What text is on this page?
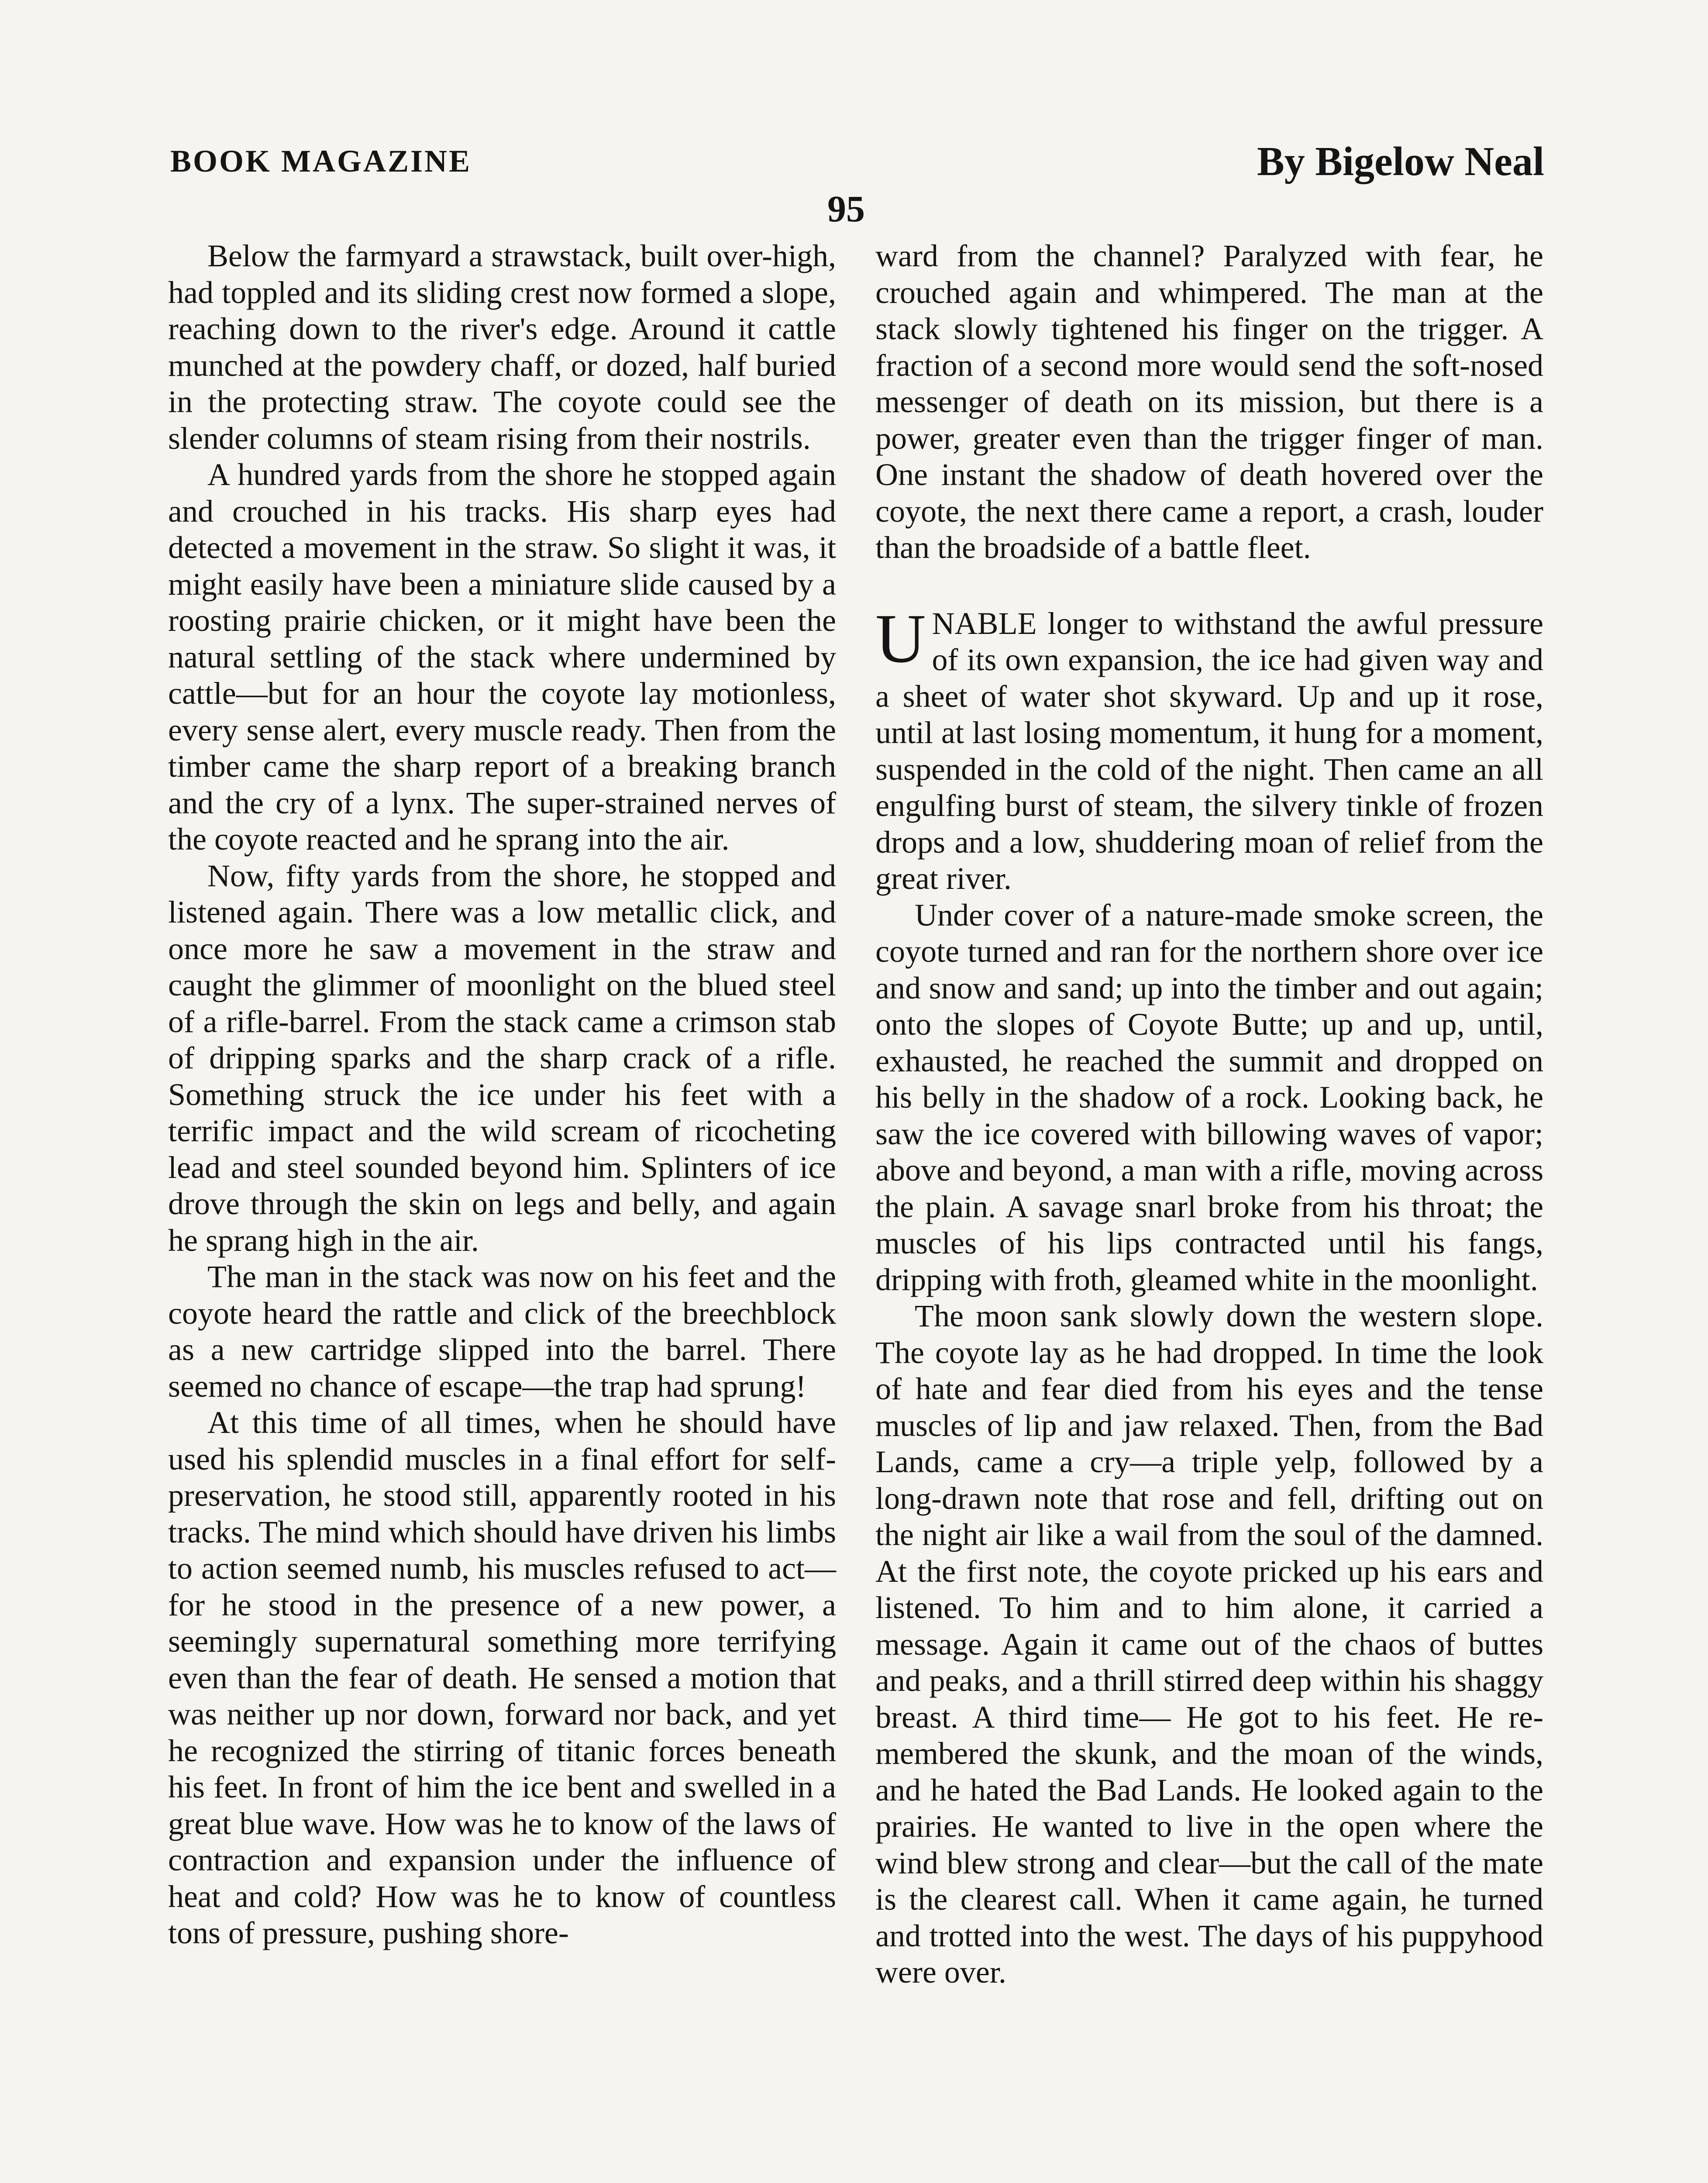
BOOK MAGAZINE	By Bigelow Neal
95

Below the farmyard a strawstack, built over-high, had toppled and its sliding crest now formed a slope, reaching down to the river's edge. Around it cattle munched at the powdery chaff, or dozed, half buried in the protecting straw. The coyote could see the slender columns of steam rising from their nostrils.

A hundred yards from the shore he stopped again and crouched in his tracks. His sharp eyes had detected a movement in the straw. So slight it was, it might easily have been a miniature slide caused by a roosting prairie chicken, or it might have been the natural settling of the stack where undermined by cattle—but for an hour the coyote lay motionless, every sense alert, every muscle ready. Then from the timber came the sharp report of a breaking branch and the cry of a lynx. The super-strained nerves of the coyote reacted and he sprang into the air.

Now, fifty yards from the shore, he stopped and listened again. There was a low metallic click, and once more he saw a movement in the straw and caught the glimmer of moonlight on the blued steel of a rifle-barrel. From the stack came a crimson stab of dripping sparks and the sharp crack of a rifle. Something struck the ice under his feet with a terrific impact and the wild scream of ricocheting lead and steel sounded beyond him. Splinters of ice drove through the skin on legs and belly, and again he sprang high in the air.

The man in the stack was now on his feet and the coyote heard the rattle and click of the breechblock as a new cartridge slipped into the barrel. There seemed no chance of escape—the trap had sprung!

At this time of all times, when he should have used his splendid muscles in a final effort for self-preservation, he stood still, apparently rooted in his tracks. The mind which should have driven his limbs to action seemed numb, his muscles refused to act—for he stood in the presence of a new power, a seemingly supernatural something more terrifying even than the fear of death. He sensed a motion that was neither up nor down, forward nor back, and yet he recognized the stirring of titanic forces beneath his feet. In front of him the ice bent and swelled in a great blue wave. How was he to know of the laws of contraction and expansion under the influence of heat and cold? How was he to know of countless tons of pressure, pushing shore-

ward from the channel? Paralyzed with fear, he crouched again and whimpered. The man at the stack slowly tightened his finger on the trigger. A fraction of a second more would send the soft-nosed messenger of death on its mission, but there is a power, greater even than the trigger finger of man. One instant the shadow of death hovered over the coyote, the next there came a report, a crash, louder than the broadside of a battle fleet.

UNABLE longer to withstand the awful pressure of its own expansion, the ice had given way and a sheet of water shot skyward. Up and up it rose, until at last losing momentum, it hung for a moment, suspended in the cold of the night. Then came an all engulfing burst of steam, the silvery tinkle of frozen drops and a low, shuddering moan of relief from the great river.

Under cover of a nature-made smoke screen, the coyote turned and ran for the northern shore over ice and snow and sand; up into the timber and out again; onto the slopes of Coyote Butte; up and up, until, exhausted, he reached the summit and dropped on his belly in the shadow of a rock. Looking back, he saw the ice covered with billowing waves of vapor; above and beyond, a man with a rifle, moving across the plain. A savage snarl broke from his throat; the muscles of his lips contracted until his fangs, dripping with froth, gleamed white in the moonlight.

The moon sank slowly down the western slope. The coyote lay as he had dropped. In time the look of hate and fear died from his eyes and the tense muscles of lip and jaw relaxed. Then, from the Bad Lands, came a cry—a triple yelp, followed by a long-drawn note that rose and fell, drifting out on the night air like a wail from the soul of the damned. At the first note, the coyote pricked up his ears and listened. To him and to him alone, it carried a message. Again it came out of the chaos of buttes and peaks, and a thrill stirred deep within his shaggy breast. A third time— He got to his feet. He remembered the skunk, and the moan of the winds, and he hated the Bad Lands. He looked again to the prairies. He wanted to live in the open where the wind blew strong and clear—but the call of the mate is the clearest call. When it came again, he turned and trotted into the west. The days of his puppyhood were over.
